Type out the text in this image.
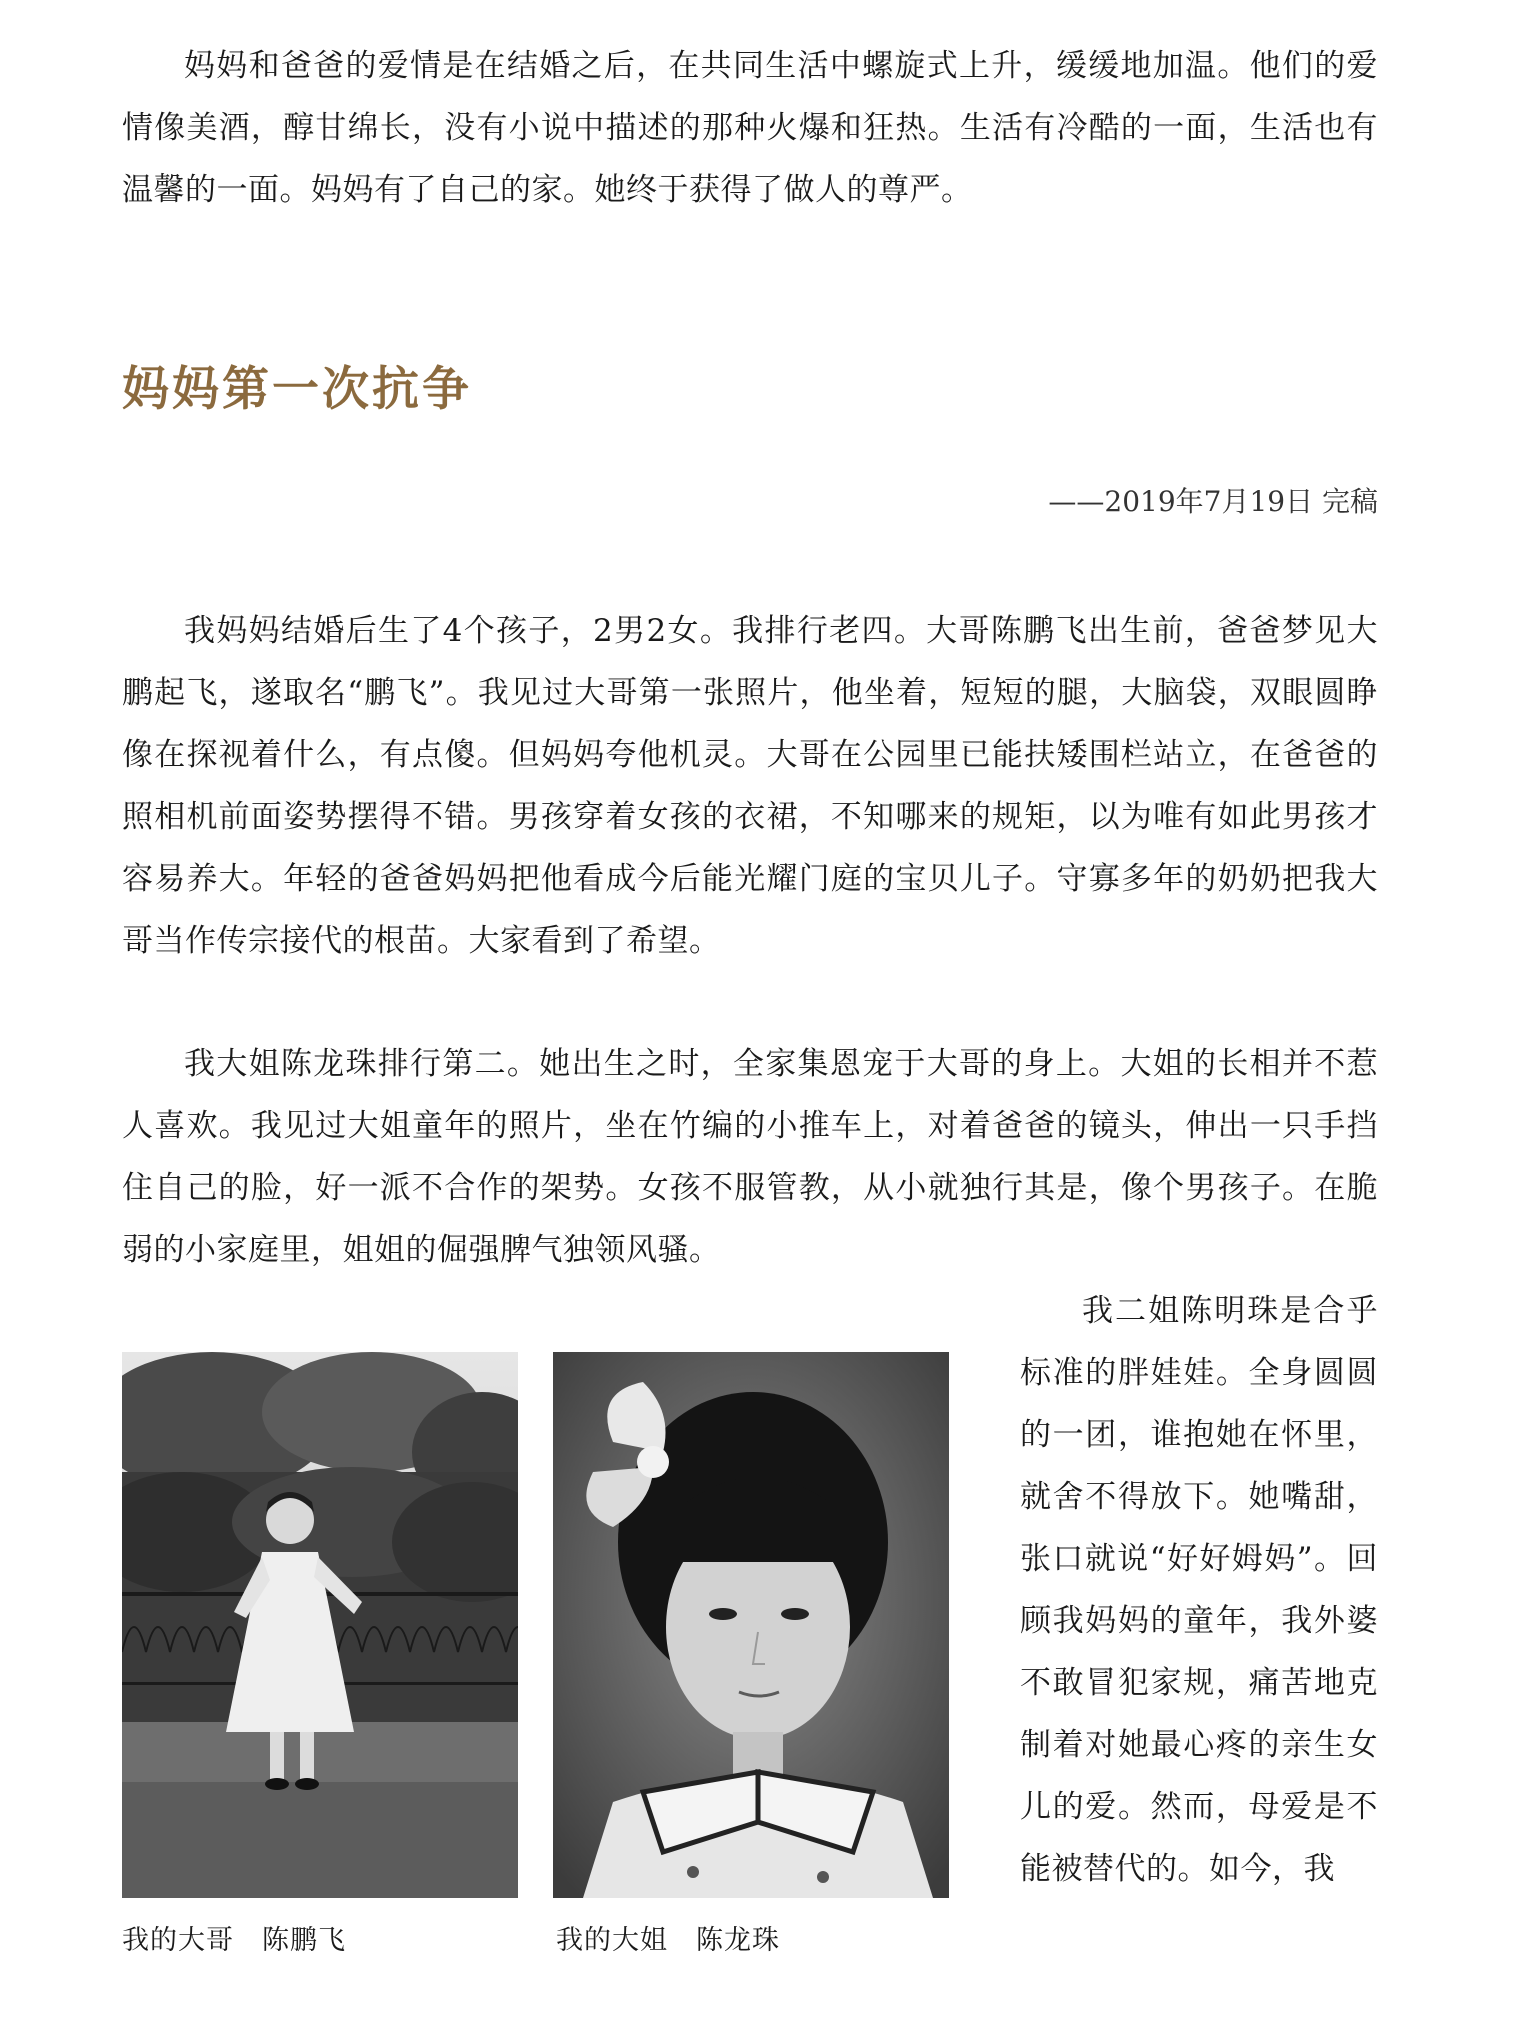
妈妈和爸爸的爱情是在结婚之后，在共同生活中螺旋式上升，缓缓地加温。他们的爱情像美酒，醇甘绵长，没有小说中描述的那种火爆和狂热。生活有冷酷的一面，生活也有温馨的一面。妈妈有了自己的家。她终于获得了做人的尊严。

妈妈第一次抗争

——2019年7月19日 完稿

我妈妈结婚后生了4个孩子，2男2女。我排行老四。大哥陈鹏飞出生前，爸爸梦见大鹏起飞，遂取名“鹏飞”。我见过大哥第一张照片，他坐着，短短的腿，大脑袋，双眼圆睁像在探视着什么，有点傻。但妈妈夸他机灵。大哥在公园里已能扶矮围栏站立，在爸爸的照相机前面姿势摆得不错。男孩穿着女孩的衣裙，不知哪来的规矩，以为唯有如此男孩才容易养大。年轻的爸爸妈妈把他看成今后能光耀门庭的宝贝儿子。守寡多年的奶奶把我大哥当作传宗接代的根苗。大家看到了希望。

我大姐陈龙珠排行第二。她出生之时，全家集恩宠于大哥的身上。大姐的长相并不惹人喜欢。我见过大姐童年的照片，坐在竹编的小推车上，对着爸爸的镜头，伸出一只手挡住自己的脸，好一派不合作的架势。女孩不服管教，从小就独行其是，像个男孩子。在脆弱的小家庭里，姐姐的倔强脾气独领风骚。

我二姐陈明珠是合乎标准的胖娃娃。全身圆圆的一团，谁抱她在怀里，就舍不得放下。她嘴甜，张口就说“好好姆妈”。回顾我妈妈的童年，我外婆不敢冒犯家规，痛苦地克制着对她最心疼的亲生女儿的爱。然而，母爱是不能被替代的。如今，我

我的大哥　陈鹏飞	我的大姐　陈龙珠
